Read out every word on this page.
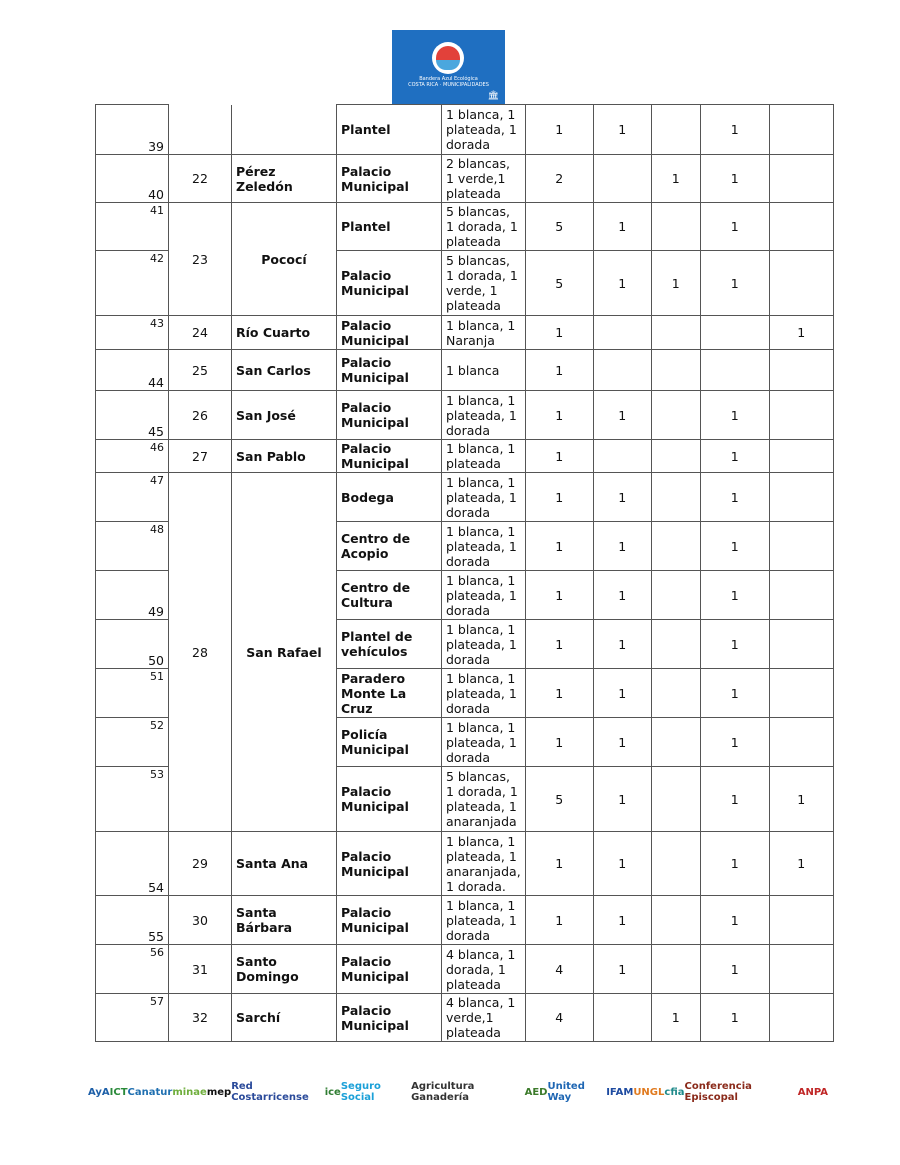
Bandera Azul Ecológica
COSTA RICA · MUNICIPALIDADES
🏛
39			Plantel	1 blanca, 1 plateada, 1 dorada	1	1		1	
40	22	Pérez Zeledón	Palacio Municipal	2 blancas, 1 verde,1 plateada	2		1	1	
41	23	Pococí	Plantel	5 blancas, 1 dorada, 1 plateada	5	1		1	
42			Palacio Municipal	5 blancas, 1 dorada, 1 verde, 1 plateada	5	1	1	1	
43	24	Río Cuarto	Palacio Municipal	1 blanca, 1 Naranja	1				1
44	25	San Carlos	Palacio Municipal	1 blanca	1				
45	26	San José	Palacio Municipal	1 blanca, 1 plateada, 1 dorada	1	1		1	
46	27	San Pablo	Palacio Municipal	1 blanca, 1 plateada	1			1	
47	28	San Rafael	Bodega	1 blanca, 1 plateada, 1 dorada	1	1		1	
48			Centro de Acopio	1 blanca, 1 plateada, 1 dorada	1	1		1	
49			Centro de Cultura	1 blanca, 1 plateada, 1 dorada	1	1		1	
50			Plantel de vehículos	1 blanca, 1 plateada, 1 dorada	1	1		1	
51			Paradero Monte La Cruz	1 blanca, 1 plateada, 1 dorada	1	1		1	
52			Policía Municipal	1 blanca, 1 plateada, 1 dorada	1	1		1	
53			Palacio Municipal	5 blancas, 1 dorada, 1 plateada, 1 anaranjada	5	1		1	1
54	29	Santa Ana	Palacio Municipal	1 blanca, 1 plateada, 1 anaranjada, 1 dorada.	1	1		1	1
55	30	Santa Bárbara	Palacio Municipal	1 blanca, 1 plateada, 1 dorada	1	1		1	
56	31	Santo Domingo	Palacio Municipal	4 blanca, 1 dorada, 1 plateada	4	1		1	
57	32	Sarchí	Palacio Municipal	4 blanca, 1 verde,1 plateada	4		1	1	
AyA ICT Canatur minae mep Red Costarricense	ice Seguro Social
Agricultura Ganadería	AED United Way	IFAM UNGL cfia Conferencia Episcopal	ANPA
